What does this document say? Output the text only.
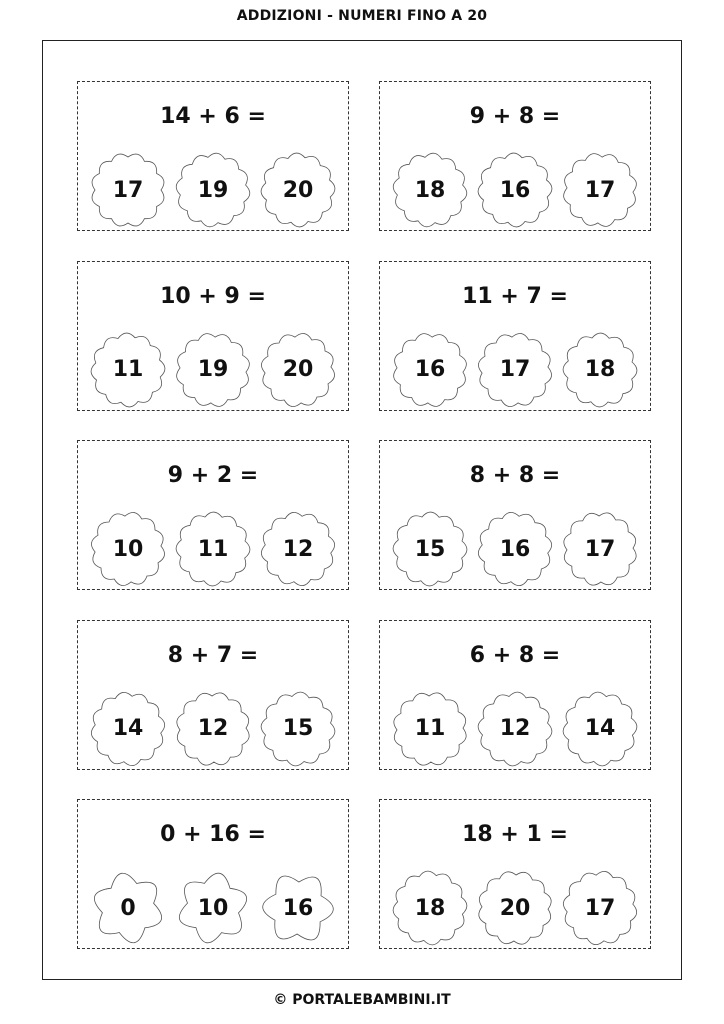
ADDIZIONI - NUMERI FINO A 20
14 + 6 =
17	19	20
9 + 8 =
18	16	17
10 + 9 =
11	19	20
11 + 7 =
16	17	18
9 + 2 =
10	11	12
8 + 8 =
15	16	17
8 + 7 =
14	12	15
6 + 8 =
11	12	14
0 + 16 =
0	10	16
18 + 1 =
18	20	17
© PORTALEBAMBINI.IT
